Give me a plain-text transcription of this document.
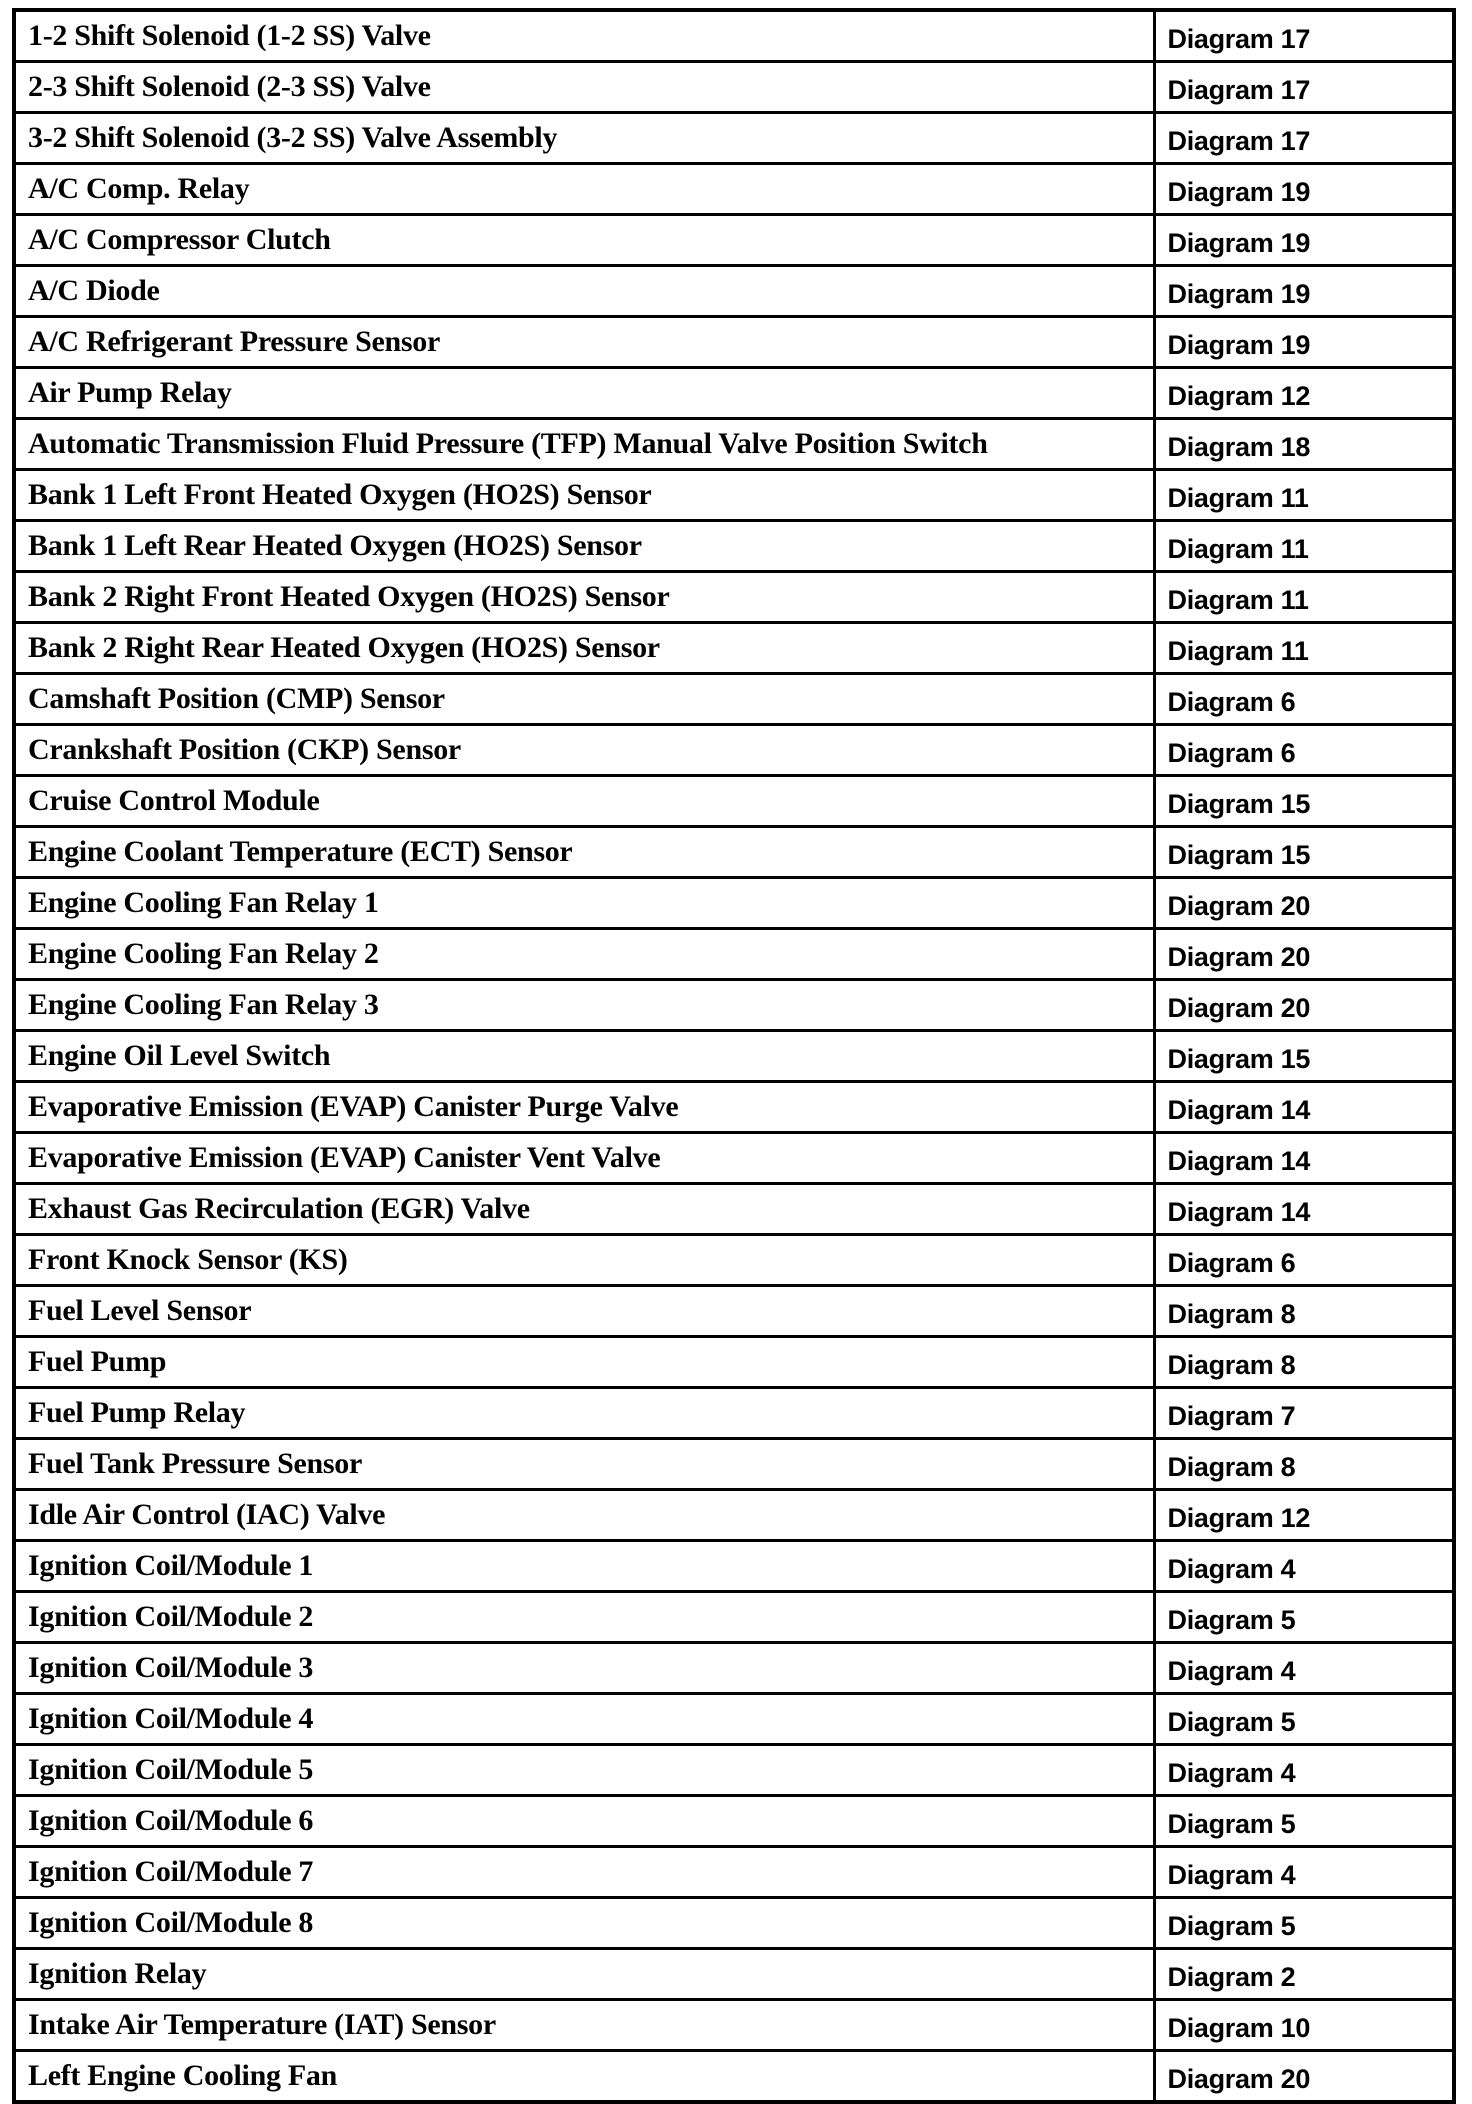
1-2 Shift Solenoid (1-2 SS) Valve	Diagram 17
2-3 Shift Solenoid (2-3 SS) Valve	Diagram 17
3-2 Shift Solenoid (3-2 SS) Valve Assembly	Diagram 17
A/C Comp. Relay	Diagram 19
A/C Compressor Clutch	Diagram 19
A/C Diode	Diagram 19
A/C Refrigerant Pressure Sensor	Diagram 19
Air Pump Relay	Diagram 12
Automatic Transmission Fluid Pressure (TFP) Manual Valve Position Switch	Diagram 18
Bank 1 Left Front Heated Oxygen (HO2S) Sensor	Diagram 11
Bank 1 Left Rear Heated Oxygen (HO2S) Sensor	Diagram 11
Bank 2 Right Front Heated Oxygen (HO2S) Sensor	Diagram 11
Bank 2 Right Rear Heated Oxygen (HO2S) Sensor	Diagram 11
Camshaft Position (CMP) Sensor	Diagram 6
Crankshaft Position (CKP) Sensor	Diagram 6
Cruise Control Module	Diagram 15
Engine Coolant Temperature (ECT) Sensor	Diagram 15
Engine Cooling Fan Relay 1	Diagram 20
Engine Cooling Fan Relay 2	Diagram 20
Engine Cooling Fan Relay 3	Diagram 20
Engine Oil Level Switch	Diagram 15
Evaporative Emission (EVAP) Canister Purge Valve	Diagram 14
Evaporative Emission (EVAP) Canister Vent Valve	Diagram 14
Exhaust Gas Recirculation (EGR) Valve	Diagram 14
Front Knock Sensor (KS)	Diagram 6
Fuel Level Sensor	Diagram 8
Fuel Pump	Diagram 8
Fuel Pump Relay	Diagram 7
Fuel Tank Pressure Sensor	Diagram 8
Idle Air Control (IAC) Valve	Diagram 12
Ignition Coil/Module 1	Diagram 4
Ignition Coil/Module 2	Diagram 5
Ignition Coil/Module 3	Diagram 4
Ignition Coil/Module 4	Diagram 5
Ignition Coil/Module 5	Diagram 4
Ignition Coil/Module 6	Diagram 5
Ignition Coil/Module 7	Diagram 4
Ignition Coil/Module 8	Diagram 5
Ignition Relay	Diagram 2
Intake Air Temperature (IAT) Sensor	Diagram 10
Left Engine Cooling Fan	Diagram 20
